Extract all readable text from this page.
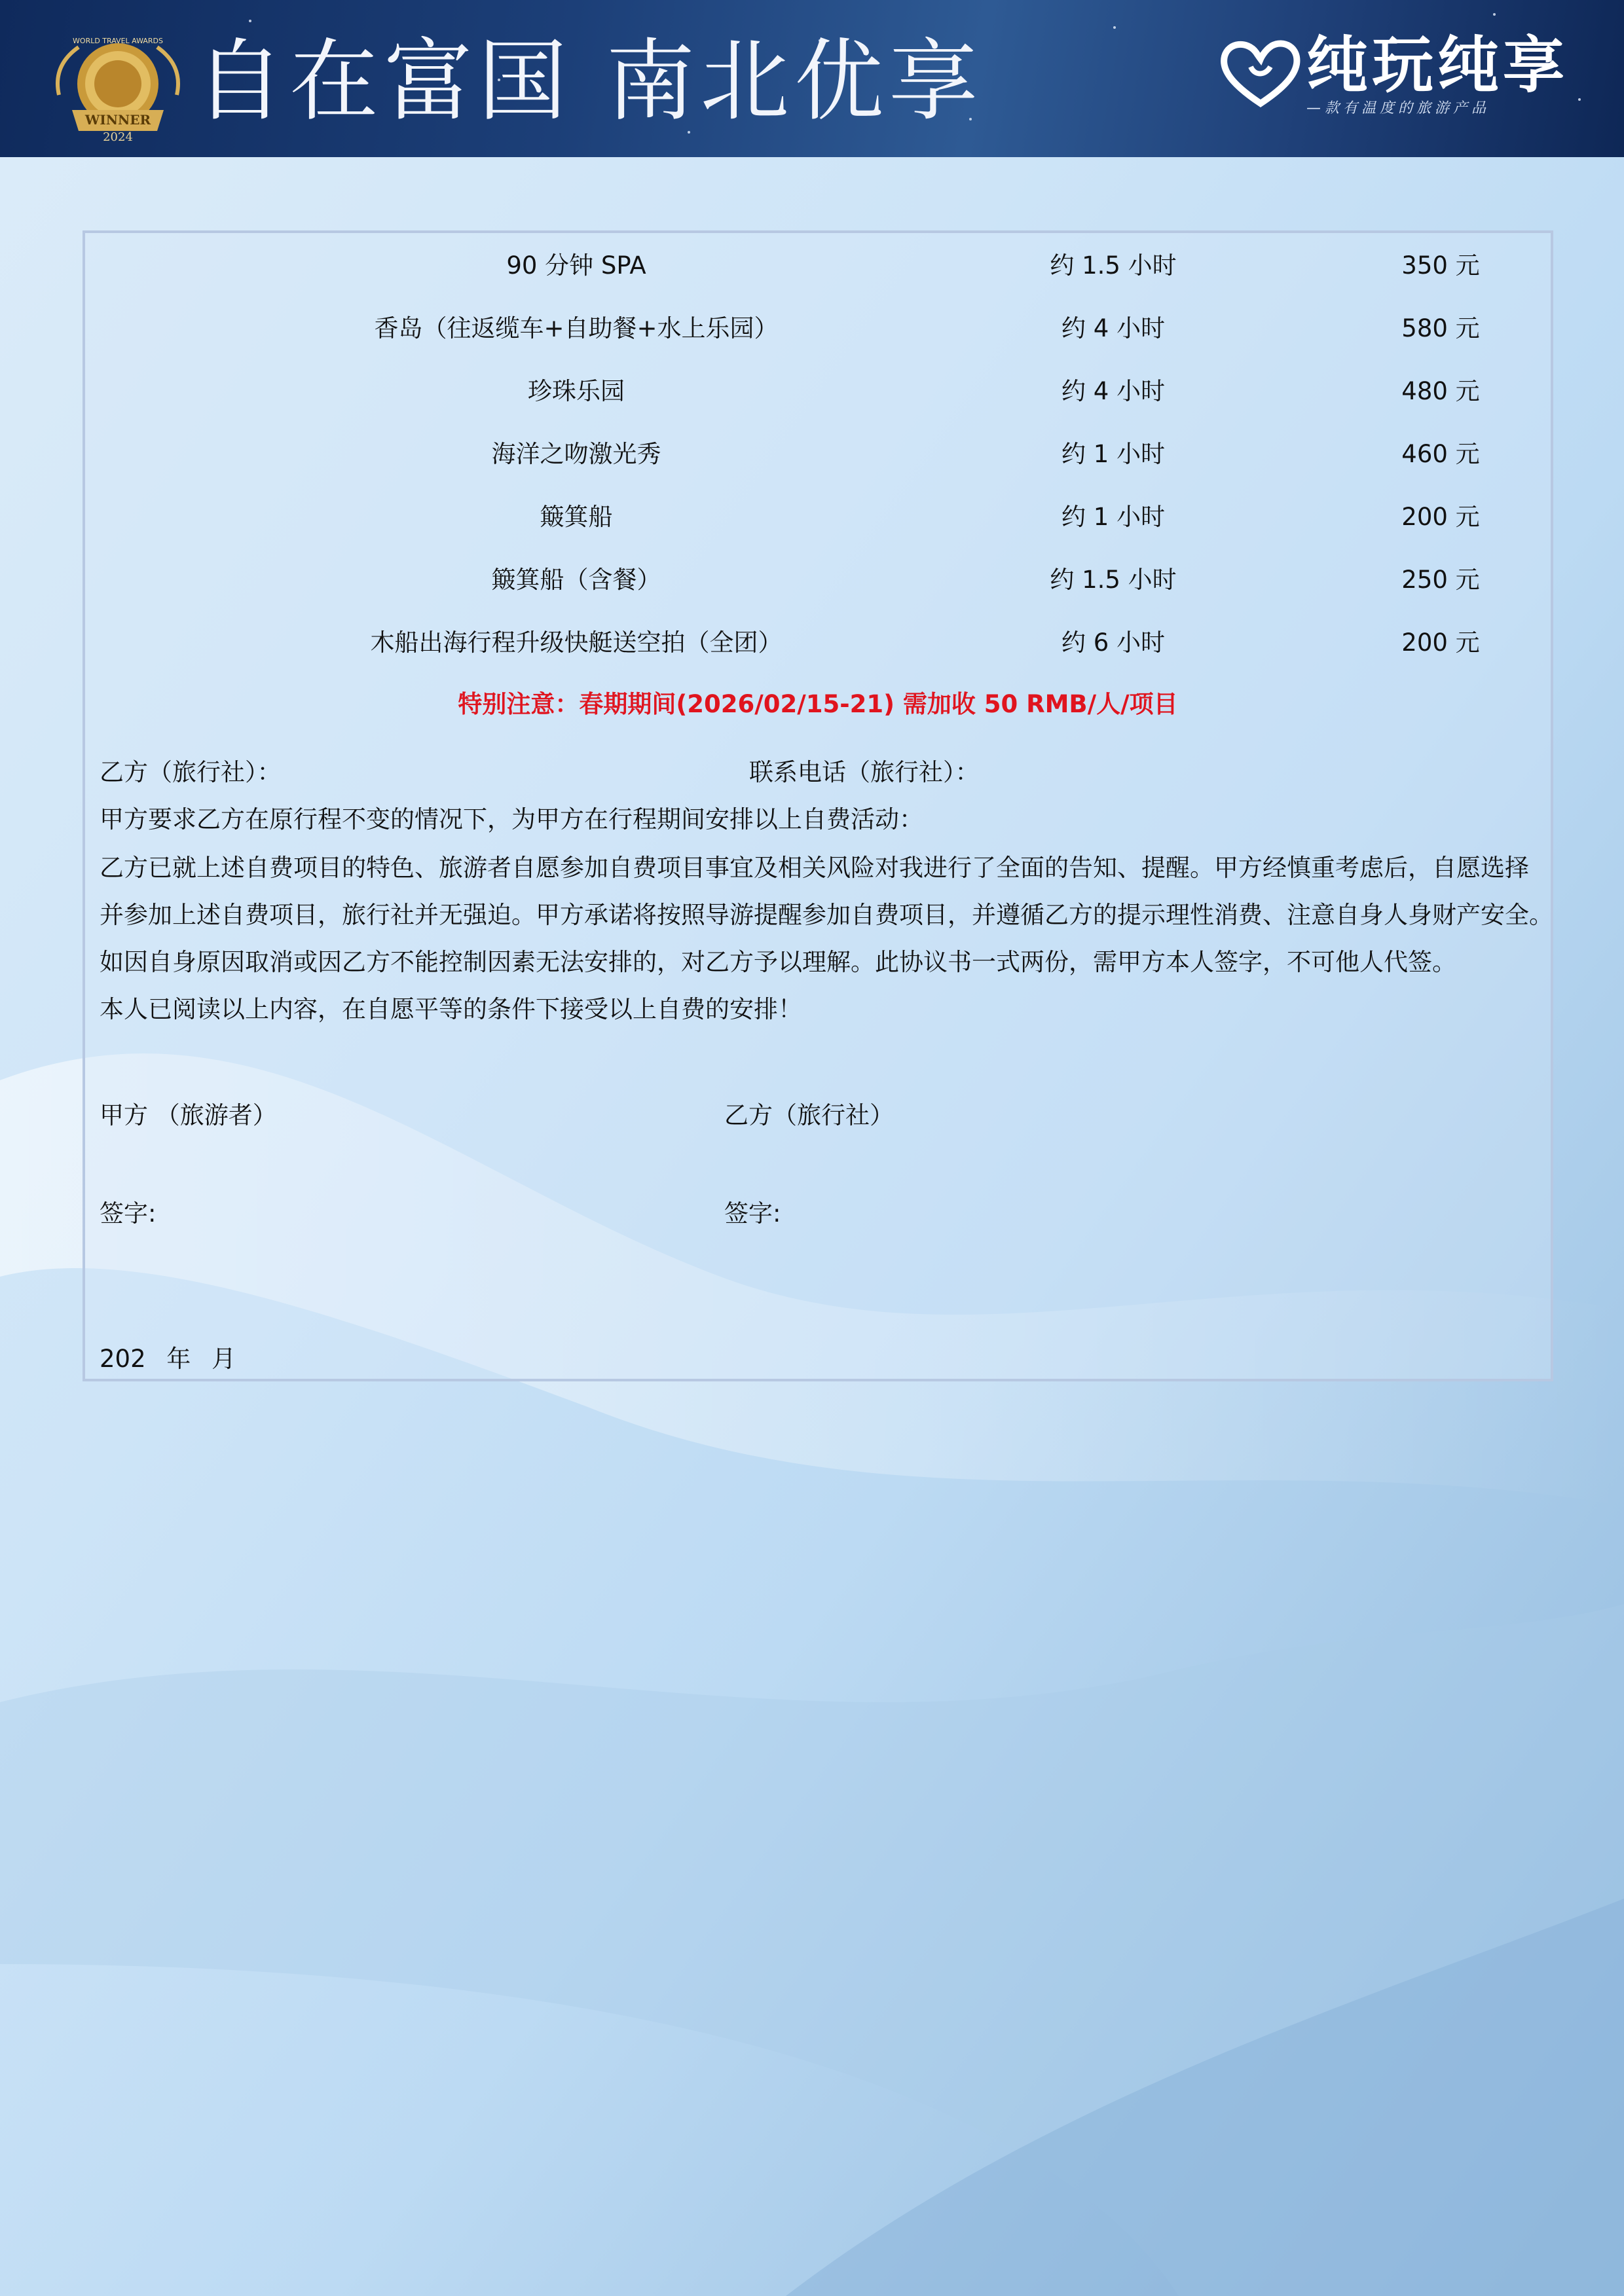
WINNER
2024
WORLD TRAVEL AWARDS 自在富国 南北优享	纯玩纯享
—款有温度的旅游产品
90 分钟 SPA	约 1.5 小时	350 元
香岛（往返缆车+自助餐+水上乐园）	约 4 小时	580 元
珍珠乐园	约 4 小时	480 元
海洋之吻激光秀	约 1 小时	460 元
簸箕船	约 1 小时	200 元
簸箕船（含餐）	约 1.5 小时	250 元
木船出海行程升级快艇送空拍（全团）	约 6 小时	200 元
特别注意：春期期间(2026/02/15-21) 需加收 50 RMB/人/项目
乙方（旅行社）：	联系电话（旅行社）：
甲方要求乙方在原行程不变的情况下，为甲方在行程期间安排以上自费活动：
乙方已就上述自费项目的特色、旅游者自愿参加自费项目事宜及相关风险对我进行了全面的告知、提醒。甲方经慎重考虑后，自愿选择
并参加上述自费项目，旅行社并无强迫。甲方承诺将按照导游提醒参加自费项目，并遵循乙方的提示理性消费、注意自身人身财产安全。
如因自身原因取消或因乙方不能控制因素无法安排的，对乙方予以理解。此协议书一式两份，需甲方本人签字，不可他人代签。
本人已阅读以上内容，在自愿平等的条件下接受以上自费的安排！
甲方 （旅游者）	乙方（旅行社）
签字:	签字:
202 年 月
